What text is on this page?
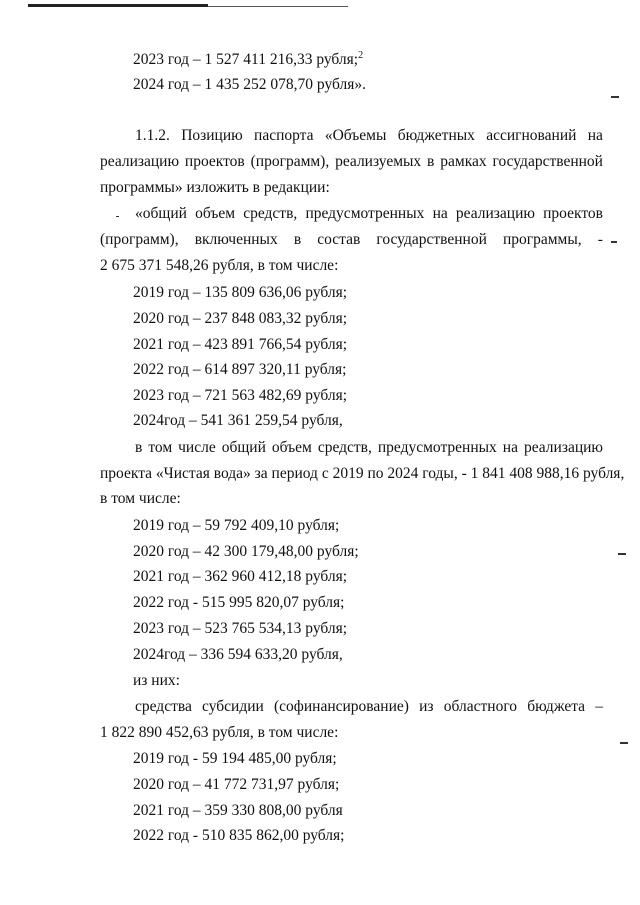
2023 год – 1 527 411 216,33 рубля;$^2$
2024 год – 1 435 252 078,70 рубля».
1.1.2. Позицию паспорта «Объемы бюджетных ассигнований на
реализацию проектов (программ), реализуемых в рамках государственной
программы» изложить в редакции:
«общий объем средств, предусмотренных на реализацию проектов
(программ), включенных в состав государственной программы, -
2 675 371 548,26 рубля, в том числе:
2019 год – 135 809 636,06 рубля;
2020 год – 237 848 083,32 рубля;
2021 год – 423 891 766,54 рубля;
2022 год – 614 897 320,11 рубля;
2023 год – 721 563 482,69 рубля;
2024год – 541 361 259,54 рубля,
в том числе общий объем средств, предусмотренных на реализацию
проекта «Чистая вода» за период с 2019 по 2024 годы, - 1 841 408 988,16 рубля,
в том числе:
2019 год – 59 792 409,10 рубля;
2020 год – 42 300 179,48,00 рубля;
2021 год – 362 960 412,18 рубля;
2022 год - 515 995 820,07 рубля;
2023 год – 523 765 534,13 рубля;
2024год – 336 594 633,20 рубля,
из них:
средства субсидии (софинансирование) из областного бюджета –
1 822 890 452,63 рубля, в том числе:
2019 год - 59 194 485,00 рубля;
2020 год – 41 772 731,97 рубля;
2021 год – 359 330 808,00 рубля
2022 год - 510 835 862,00 рубля;
